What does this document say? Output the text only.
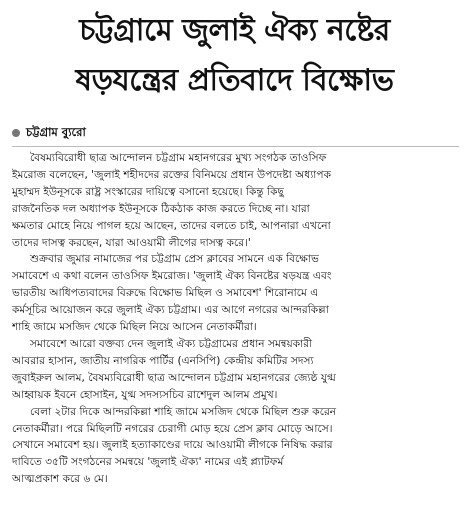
চট্টগ্রামে জুলাই ঐক্য নষ্টের
ষড়যন্ত্রের প্রতিবাদে বিক্ষোভ
চট্টগ্রাম ব্যুরো

বৈষম্যবিরোধী ছাত্র আন্দোলন চট্টগ্রাম মহানগরের মুখ্য সংগঠক তাওসিফ
ইমরোজ বলেছেন, 'জুলাই শহীদদের রক্তের বিনিময়ে প্রধান উপদেষ্টা অধ্যাপক
মুহাম্মদ ইউনূসকে রাষ্ট্র সংস্কারের দায়িত্বে বসানো হয়েছে। কিন্তু কিছু
রাজনৈতিক দল অধ্যাপক ইউনূসকে ঠিকঠাক কাজ করতে দিচ্ছে না। যারা
ক্ষমতার মোহে নিয়ে পাগল হয়ে আছেন, তাদের বলতে চাই, আপনারা এখনো
তাদের দাসত্ব করছেন, যারা আওয়ামী লীগের দাসত্ব করে।'

শুক্রবার জুমার নামাজের পর চট্টগ্রাম প্রেস ক্লাবের সামনে এক বিক্ষোভ
সমাবেশে এ কথা বলেন তাওসিফ ইমরোজ। 'জুলাই ঐক্য বিনষ্টের ষড়যন্ত্র এবং
ভারতীয় আধিপত্যবাদের বিরুদ্ধে বিক্ষোভ মিছিল ও সমাবেশ' শিরোনামে এ
কর্মসূচির আয়োজন করে জুলাই ঐক্য চট্টগ্রাম। এর আগে নগরের আন্দরকিল্লা
শাহি জামে মসজিদ থেকে মিছিল নিয়ে আসেন নেতাকর্মীরা।

সমাবেশে আরো বক্তব্য দেন জুলাই ঐক্য চট্টগ্রামের প্রধান সমন্বয়কারী
আবরার হাসান, জাতীয় নাগরিক পার্টির (এনসিপি) কেন্দ্রীয় কমিটির সদস্য
জুবাইরুল আলম, বৈষম্যবিরোধী ছাত্র আন্দোলন চট্টগ্রাম মহানগরের জ্যেষ্ঠ যুগ্ম
আহ্বায়ক ইবনে হোসাইন, যুগ্ম সদস্যসচিব রাশেদুল আলম প্রমুখ।

বেলা ২টার দিকে আন্দরকিল্লা শাহি জামে মসজিদ থেকে মিছিল শুরু করেন
নেতাকর্মীরা। পরে মিছিলটি নগরের চেরাগী মোড় হয়ে প্রেস ক্লাব মোড়ে আসে।
সেখানে সমাবেশ হয়। জুলাই হত্যাকাণ্ডের দায়ে আওয়ামী লীগকে নিষিদ্ধ করার
দাবিতে ৩৫টি সংগঠনের সমন্বয়ে 'জুলাই ঐক্য' নামের এই প্ল্যাটফর্ম
আত্মপ্রকাশ করে ৬ মে।
